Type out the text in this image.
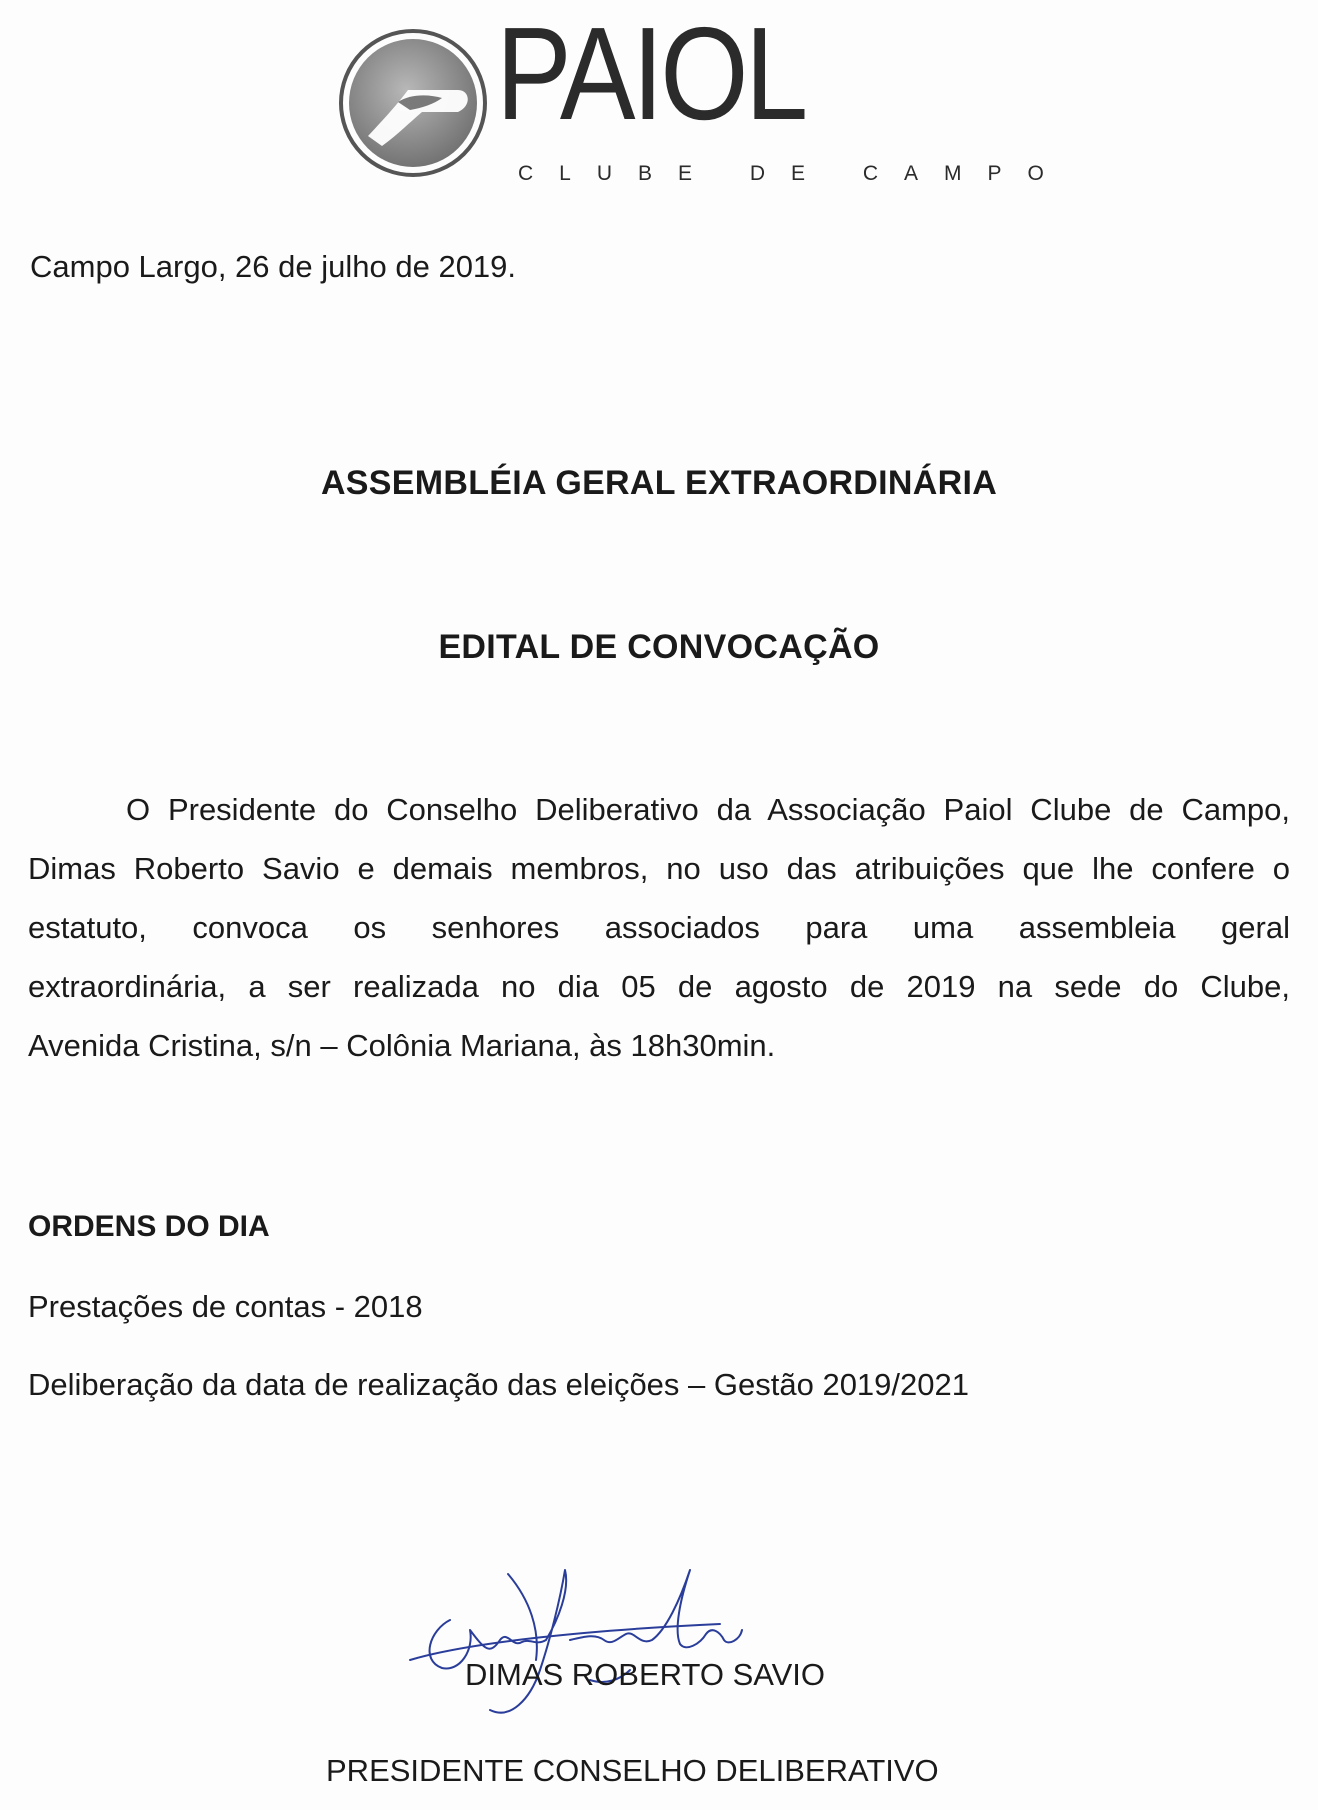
PAIOL
CLUBE DE CAMPO
Campo Largo, 26 de julho de 2019.
ASSEMBLÉIA GERAL EXTRAORDINÁRIA
EDITAL DE CONVOCAÇÃO
O Presidente do Conselho Deliberativo da Associação Paiol Clube de Campo,
Dimas Roberto Savio e demais membros, no uso das atribuições que lhe confere o
estatuto, convoca os senhores associados para uma assembleia geral
extraordinária, a ser realizada no dia 05 de agosto de 2019 na sede do Clube,
Avenida Cristina, s/n – Colônia Mariana, às 18h30min.
ORDENS DO DIA
Prestações de contas - 2018
Deliberação da data de realização das eleições – Gestão 2019/2021
DIMAS ROBERTO SAVIO
PRESIDENTE CONSELHO DELIBERATIVO
